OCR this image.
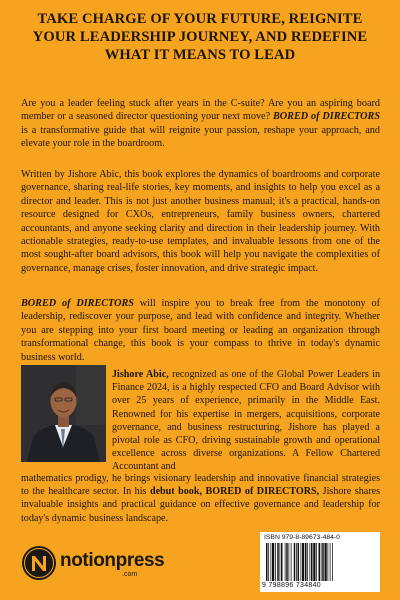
TAKE CHARGE OF YOUR FUTURE, REIGNITE YOUR LEADERSHIP JOURNEY, AND REDEFINE WHAT IT MEANS TO LEAD
Are you a leader feeling stuck after years in the C-suite? Are you an aspiring board member or a seasoned director questioning your next move? BORED of DIRECTORS is a transformative guide that will reignite your passion, reshape your approach, and elevate your role in the boardroom.
Written by Jishore Abic, this book explores the dynamics of boardrooms and corporate governance, sharing real-life stories, key moments, and insights to help you excel as a director and leader. This is not just another business manual; it's a practical, hands-on resource designed for CXOs, entrepreneurs, family business owners, chartered accountants, and anyone seeking clarity and direction in their leadership journey. With actionable strategies, ready-to-use templates, and invaluable lessons from one of the most sought-after board advisors, this book will help you navigate the complexities of governance, manage crises, foster innovation, and drive strategic impact.
BORED of DIRECTORS will inspire you to break free from the monotony of leadership, rediscover your purpose, and lead with confidence and integrity. Whether you are stepping into your first board meeting or leading an organization through transformational change, this book is your compass to thrive in today's dynamic business world.
Jishore Abic, recognized as one of the Global Power Leaders in Finance 2024, is a highly respected CFO and Board Advisor with over 25 years of experience, primarily in the Middle East. Renowned for his expertise in mergers, acquisitions, corporate governance, and business restructuring, Jishore has played a pivotal role as CFO, driving sustainable growth and operational excellence across diverse organizations. A Fellow Chartered Accountant and
mathematics prodigy, he brings visionary leadership and innovative financial strategies to the healthcare sector. In his debut book, BORED of DIRECTORS, Jishore shares invaluable insights and practical guidance on effective governance and leadership for today's dynamic business landscape.
notionpress
.com
ISBN 979-8-89673-484-0
9 798896 734840
